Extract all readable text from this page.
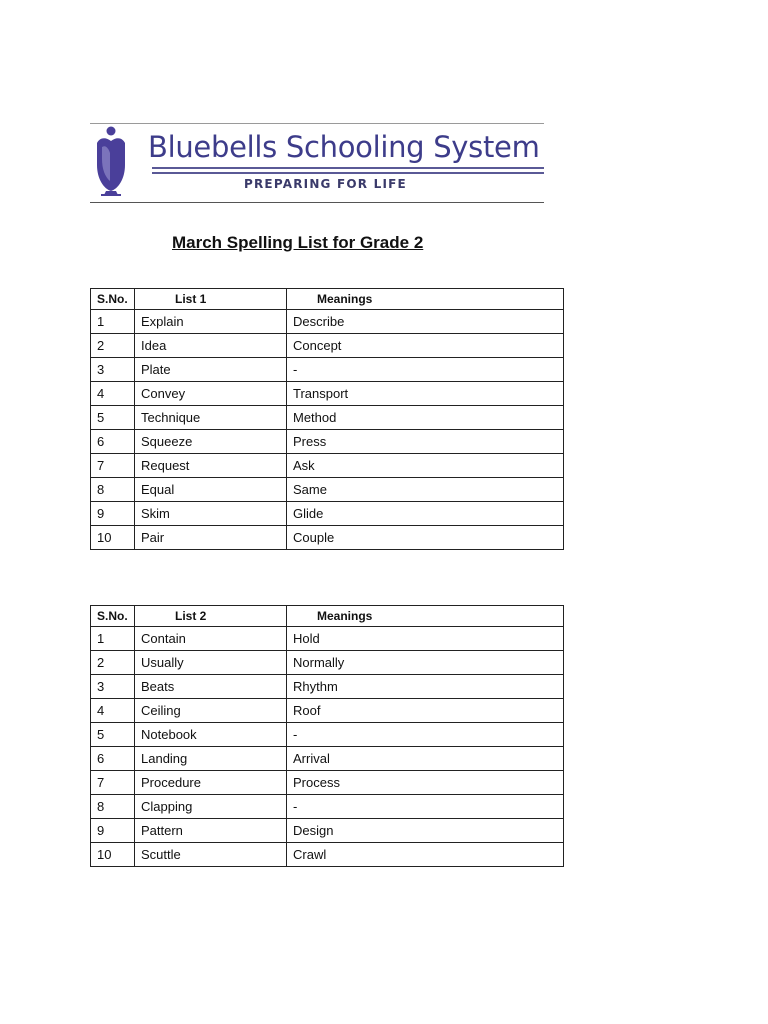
Bluebells Schooling System
PREPARING FOR LIFE
March Spelling List for Grade 2
S.No.	List 1	Meanings
1	Explain	Describe
2	Idea	Concept
3	Plate	-
4	Convey	Transport
5	Technique	Method
6	Squeeze	Press
7	Request	Ask
8	Equal	Same
9	Skim	Glide
10	Pair	Couple
S.No.	List 2	Meanings
1	Contain	Hold
2	Usually	Normally
3	Beats	Rhythm
4	Ceiling	Roof
5	Notebook	-
6	Landing	Arrival
7	Procedure	Process
8	Clapping	-
9	Pattern	Design
10	Scuttle	Crawl
